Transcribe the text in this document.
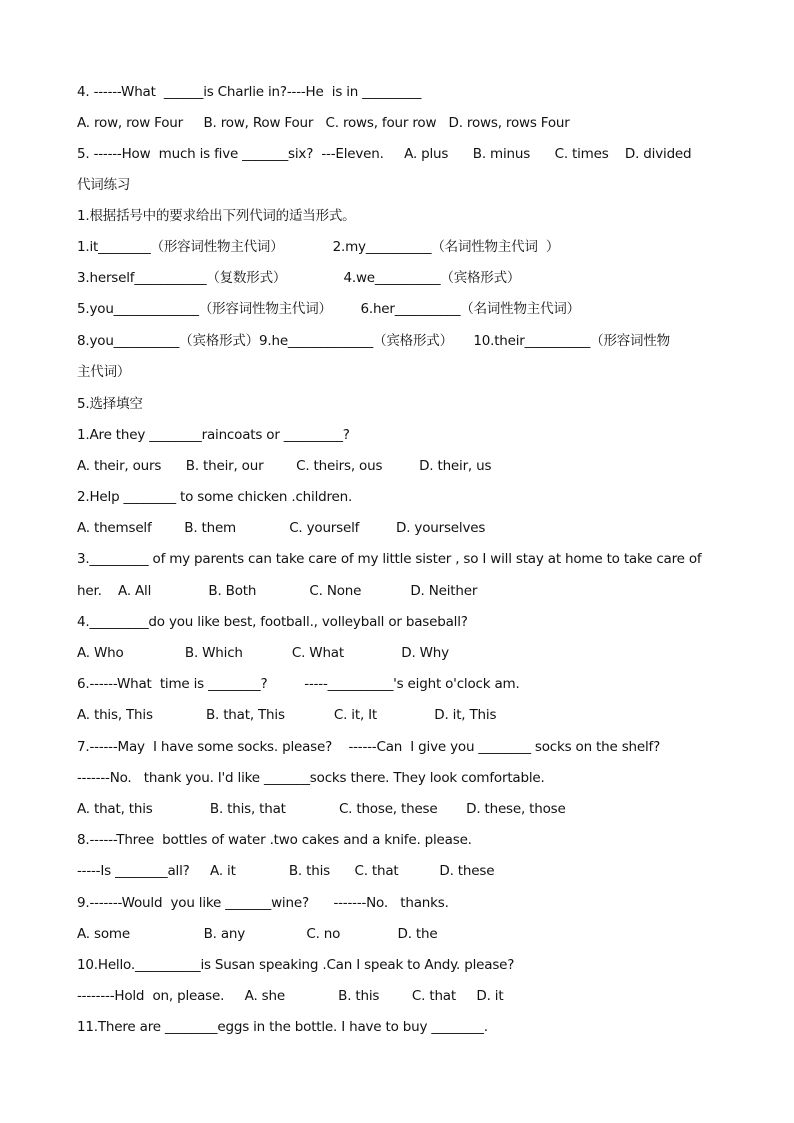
4. ------What  ______is Charlie in?----He  is in _________
A. row, row Four     B. row, Row Four   C. rows, four row   D. rows, rows Four
5. ------How  much is five _______six?  ---Eleven.     A. plus      B. minus      C. times    D. divided
代词练习
1.根据括号中的要求给出下列代词的适当形式。
1.it________（形容词性物主代词）            2.my__________（名词性物主代词  ）
3.herself___________（复数形式）              4.we__________（宾格形式）
5.you_____________（形容词性物主代词）       6.her__________（名词性物主代词）
8.you__________（宾格形式）9.he_____________（宾格形式）     10.their__________（形容词性物
主代词）
5.选择填空
1.Are they ________raincoats or _________?
A. their, ours      B. their, our        C. theirs, ous         D. their, us
2.Help ________ to some chicken .children.
A. themself        B. them             C. yourself         D. yourselves
3._________ of my parents can take care of my little sister , so I will stay at home to take care of
her.    A. All              B. Both             C. None            D. Neither
4._________do you like best, football., volleyball or baseball?
A. Who               B. Which            C. What              D. Why
6.------What  time is ________?         -----__________'s eight o'clock am.
A. this, This             B. that, This            C. it, It              D. it, This
7.------May  I have some socks. please?    ------Can  I give you ________ socks on the shelf?
-------No.   thank you. I'd like _______socks there. They look comfortable.
A. that, this              B. this, that             C. those, these       D. these, those
8.------Three  bottles of water .two cakes and a knife. please.
-----Is ________all?     A. it             B. this      C. that          D. these
9.-------Would  you like _______wine?      -------No.   thanks.
A. some                  B. any               C. no              D. the
10.Hello.__________is Susan speaking .Can I speak to Andy. please?
--------Hold  on, please.     A. she             B. this        C. that     D. it
11.There are ________eggs in the bottle. I have to buy ________.
